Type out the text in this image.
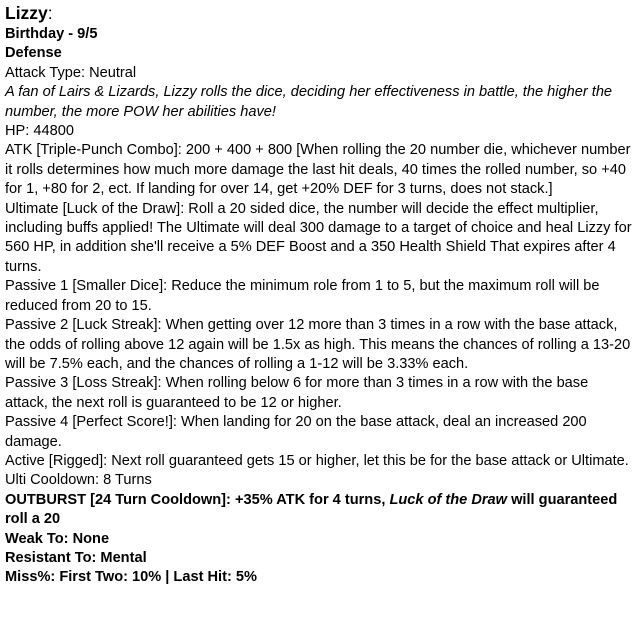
Lizzy:
Birthday - 9/5
Defense
Attack Type: Neutral
A fan of Lairs & Lizards, Lizzy rolls the dice, deciding her effectiveness in battle, the higher the number, the more POW her abilities have!
HP: 44800
ATK [Triple-Punch Combo]: 200 + 400 + 800 [When rolling the 20 number die, whichever number it rolls determines how much more damage the last hit deals, 40 times the rolled number, so +40 for 1, +80 for 2, ect. If landing for over 14, get +20% DEF for 3 turns, does not stack.]
Ultimate [Luck of the Draw]: Roll a 20 sided dice, the number will decide the effect multiplier, including buffs applied! The Ultimate will deal 300 damage to a target of choice and heal Lizzy for 560 HP, in addition she'll receive a 5% DEF Boost and a 350 Health Shield That expires after 4 turns.
Passive 1 [Smaller Dice]: Reduce the minimum role from 1 to 5, but the maximum roll will be reduced from 20 to 15.
Passive 2 [Luck Streak]: When getting over 12 more than 3 times in a row with the base attack, the odds of rolling above 12 again will be 1.5x as high. This means the chances of rolling a 13-20 will be 7.5% each, and the chances of rolling a 1-12 will be 3.33% each.
Passive 3 [Loss Streak]: When rolling below 6 for more than 3 times in a row with the base attack, the next roll is guaranteed to be 12 or higher.
Passive 4 [Perfect Score!]: When landing for 20 on the base attack, deal an increased 200 damage.
Active [Rigged]: Next roll guaranteed gets 15 or higher, let this be for the base attack or Ultimate.
Ulti Cooldown: 8 Turns
OUTBURST [24 Turn Cooldown]: +35% ATK for 4 turns, Luck of the Draw will guaranteed roll a 20
Weak To: None
Resistant To: Mental
Miss%: First Two: 10% | Last Hit: 5%
